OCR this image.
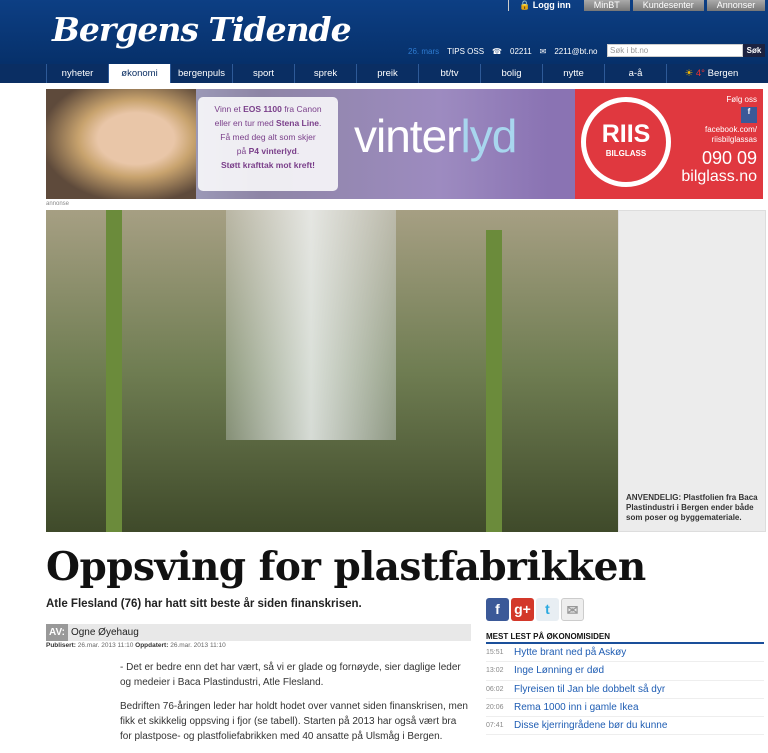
Bergens Tidende
🔒 Logg inn	MinBT	Kundesenter	Annonser
26. mars TIPS OSS ☎ 02211 ✉ 2211@bt.no	Søk i bt.no	Søk
nyheter	økonomi	bergenpuls	sport	sprek	preik	bt/tv	bolig	nytte	a-å	☀ 4° Bergen
Vinn et EOS 1100 fra Canon
eller en tur med Stena Line.
Få med deg alt som skjer
på P4 vinterlyd.
Støtt krafttak mot kreft!
vinterlyd	RIIS
BILGLASS
Følg oss
f
facebook.com/ riisbilglassas
090 09
bilglass.no
annonse

ANVENDELIG: Plastfolien fra Baca Plastindustri i Bergen ender både som poser og byggemateriale.

Oppsving for plastfabrikken
Atle Flesland (76) har hatt sitt beste år siden finanskrisen.
AV: Ogne Øyehaug
Publisert: 26.mar. 2013 11:10 Oppdatert: 26.mar. 2013 11:10

- Det er bedre enn det har vært, så vi er glade og fornøyde, sier daglige leder og medeier i Baca Plastindustri, Atle Flesland.

Bedriften 76-åringen leder har holdt hodet over vannet siden finanskrisen, men fikk et skikkelig oppsving i fjor (se tabell). Starten på 2013 har også vært bra for plastpose- og plastfoliefabrikken med 40 ansatte på Ulsmåg i Bergen.

f	g+	t	✉
MEST LEST PÅ ØKONOMISIDEN
15:51	Hytte brant ned på Askøy
13:02	Inge Lønning er død
06:02	Flyreisen til Jan ble dobbelt så dyr
20:06	Rema 1000 inn i gamle Ikea
07:41	Disse kjerringrådene bør du kunne
